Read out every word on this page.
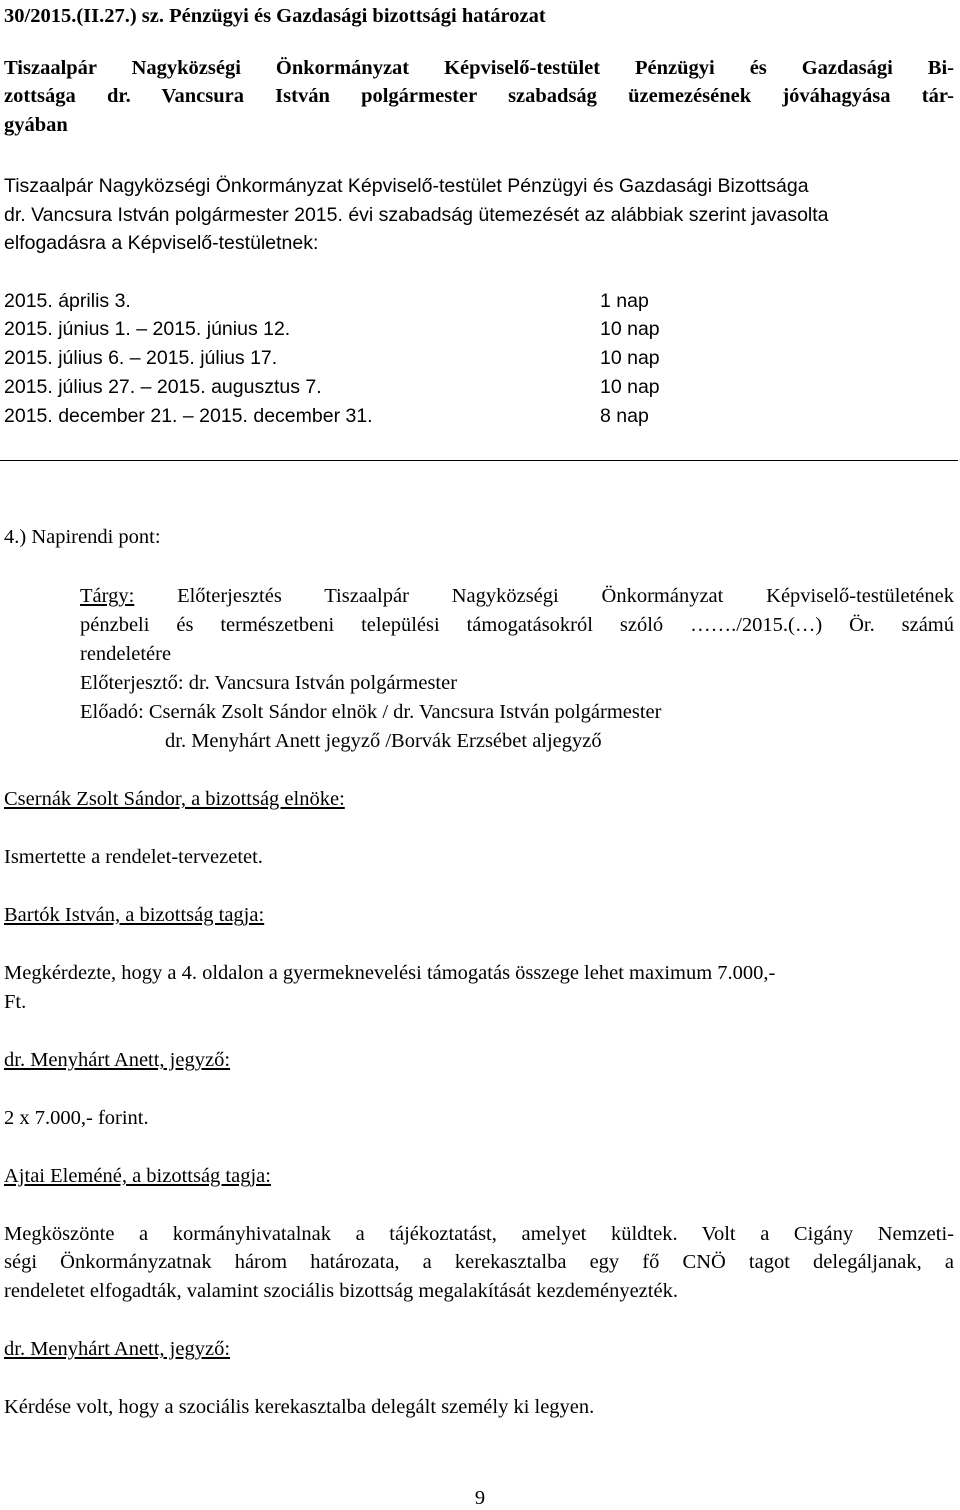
30/2015.(II.27.) sz. Pénzügyi és Gazdasági bizottsági határozat
Tiszaalpár Nagyközségi Önkormányzat Képviselő-testület Pénzügyi és Gazdasági Bi-
zottsága dr. Vancsura István polgármester szabadság üzemezésének jóváhagyása tár-
gyában
Tiszaalpár Nagyközségi Önkormányzat Képviselő-testület Pénzügyi és Gazdasági Bizottsága
dr. Vancsura István polgármester 2015. évi szabadság ütemezését az alábbiak szerint javasolta
elfogadásra a Képviselő-testületnek:
2015. április 3.	1 nap
2015. június 1. – 2015. június 12.	10 nap
2015. július 6. – 2015. július 17.	10 nap
2015. július 27. – 2015. augusztus 7.	10 nap
2015. december 21. – 2015. december 31.	8 nap
4.) Napirendi pont:
Tárgy: Előterjesztés Tiszaalpár Nagyközségi Önkormányzat Képviselő-testületének
pénzbeli és természetbeni települési támogatásokról szóló ……./2015.(…) Ör. számú
rendeletére
Előterjesztő: dr. Vancsura István polgármester
Előadó: Csernák Zsolt Sándor elnök / dr. Vancsura István polgármester
dr. Menyhárt Anett jegyző /Borvák Erzsébet aljegyző
Csernák Zsolt Sándor, a bizottság elnöke:
Ismertette a rendelet-tervezetet.
Bartók István, a bizottság tagja:
Megkérdezte, hogy a 4. oldalon a gyermeknevelési támogatás összege lehet maximum 7.000,-
Ft.
dr. Menyhárt Anett, jegyző:
2 x 7.000,- forint.
Ajtai Eleméné, a bizottság tagja:
Megköszönte a kormányhivatalnak a tájékoztatást, amelyet küldtek. Volt a Cigány Nemzeti-
ségi Önkormányzatnak három határozata, a kerekasztalba egy fő CNÖ tagot delegáljanak, a
rendeletet elfogadták, valamint szociális bizottság megalakítását kezdeményezték.
dr. Menyhárt Anett, jegyző:
Kérdése volt, hogy a szociális kerekasztalba delegált személy ki legyen.
9
